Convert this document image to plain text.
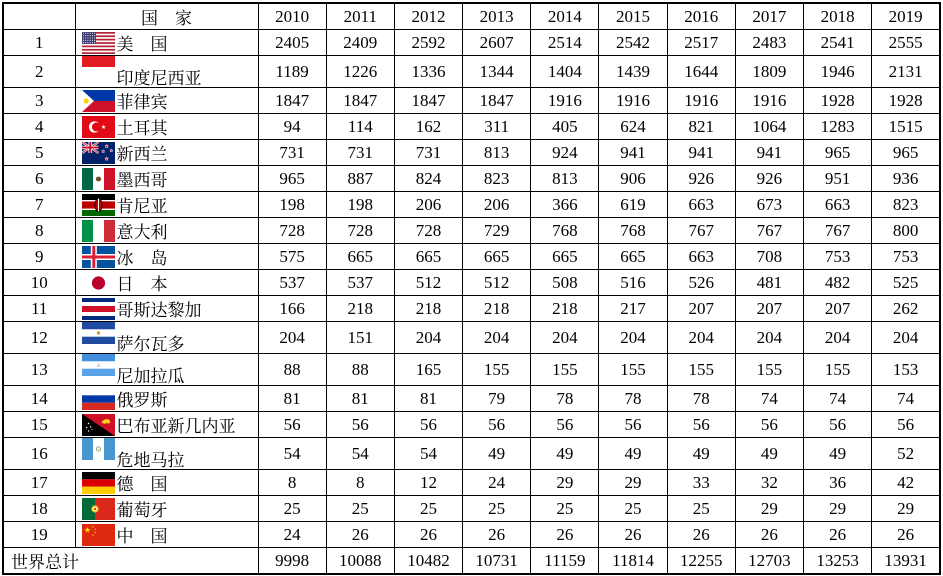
	国　家	2010	2011	2012	2013	2014	2015	2016	2017	2018	2019
1	美　国	2405	2409	2592	2607	2514	2542	2517	2483	2541	2555
2	印度尼西亚	1189	1226	1336	1344	1404	1439	1644	1809	1946	2131
3	菲律宾	1847	1847	1847	1847	1916	1916	1916	1916	1928	1928
4	土耳其	94	114	162	311	405	624	821	1064	1283	1515
5	新西兰	731	731	731	813	924	941	941	941	965	965
6	墨西哥	965	887	824	823	813	906	926	926	951	936
7	肯尼亚	198	198	206	206	366	619	663	673	663	823
8	意大利	728	728	728	729	768	768	767	767	767	800
9	冰　岛	575	665	665	665	665	665	663	708	753	753
10	日　本	537	537	512	512	508	516	526	481	482	525
11	哥斯达黎加	166	218	218	218	218	217	207	207	207	262
12	萨尔瓦多	204	151	204	204	204	204	204	204	204	204
13	尼加拉瓜	88	88	165	155	155	155	155	155	155	153
14	俄罗斯	81	81	81	79	78	78	78	74	74	74
15	巴布亚新几内亚	56	56	56	56	56	56	56	56	56	56
16	危地马拉	54	54	54	49	49	49	49	49	49	52
17	德　国	8	8	12	24	29	29	33	32	36	42
18	葡萄牙	25	25	25	25	25	25	25	29	29	29
19	中　国	24	26	26	26	26	26	26	26	26	26
世界总计		9998	10088	10482	10731	11159	11814	12255	12703	13253	13931
